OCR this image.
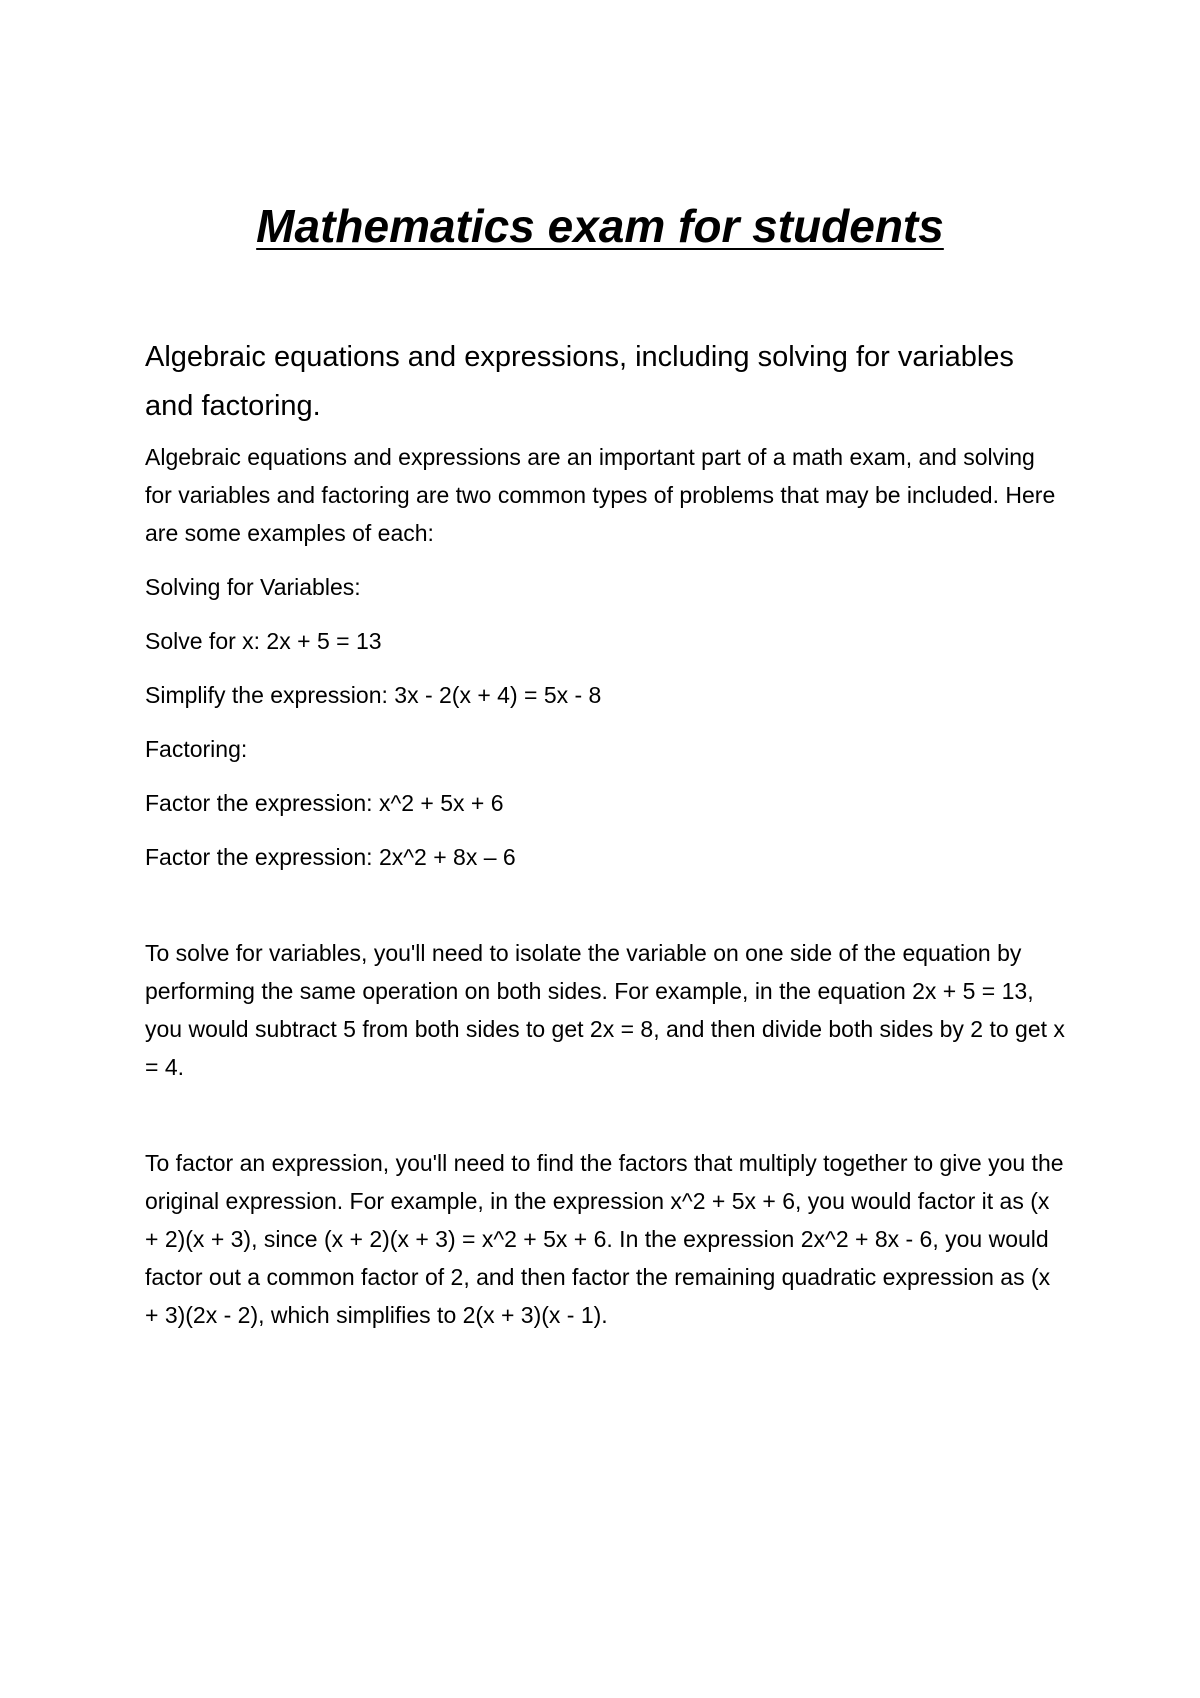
Mathematics exam for students
Algebraic equations and expressions, including solving for variables and factoring.

Algebraic equations and expressions are an important part of a math exam, and solving for variables and factoring are two common types of problems that may be included. Here are some examples of each:

Solving for Variables:

Solve for x: 2x + 5 = 13

Simplify the expression: 3x - 2(x + 4) = 5x - 8

Factoring:

Factor the expression: x^2 + 5x + 6

Factor the expression: 2x^2 + 8x – 6

To solve for variables, you'll need to isolate the variable on one side of the equation by performing the same operation on both sides. For example, in the equation 2x + 5 = 13, you would subtract 5 from both sides to get 2x = 8, and then divide both sides by 2 to get x = 4.

To factor an expression, you'll need to find the factors that multiply together to give you the original expression. For example, in the expression x^2 + 5x + 6, you would factor it as (x + 2)(x + 3), since (x + 2)(x + 3) = x^2 + 5x + 6. In the expression 2x^2 + 8x - 6, you would factor out a common factor of 2, and then factor the remaining quadratic expression as (x + 3)(2x - 2), which simplifies to 2(x + 3)(x - 1).
